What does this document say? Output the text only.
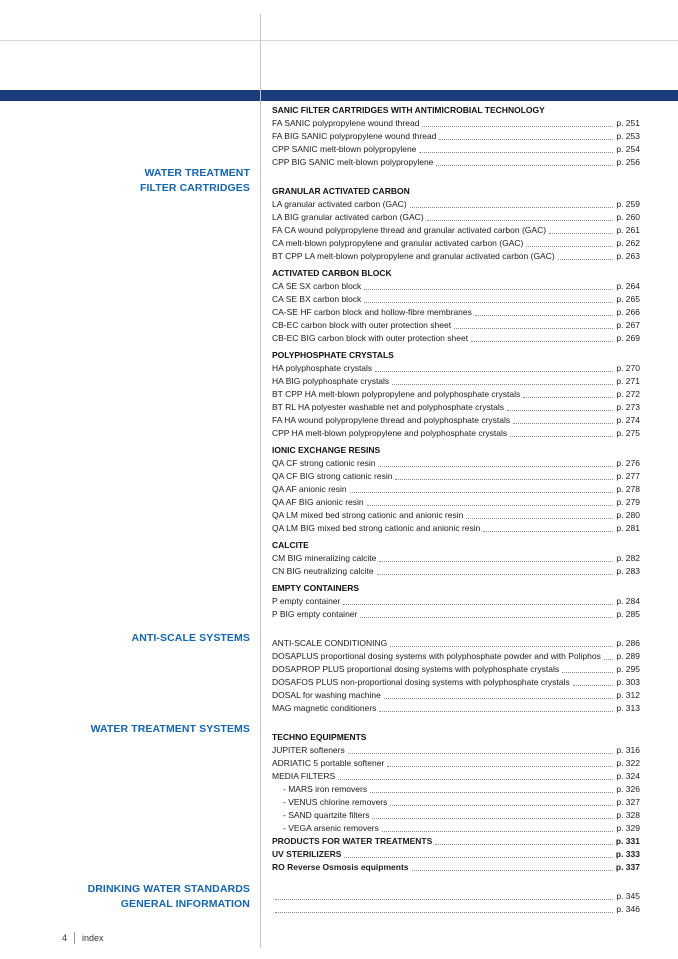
WATER TREATMENT
FILTER CARTRIDGES
ANTI-SCALE SYSTEMS
WATER TREATMENT SYSTEMS
DRINKING WATER STANDARDS
GENERAL INFORMATION
SANIC FILTER CARTRIDGES WITH ANTIMICROBIAL TECHNOLOGY
FA SANIC polypropylene wound thread	p. 251
FA BIG SANIC polypropylene wound thread	p. 253
CPP SANIC melt-blown polypropylene	p. 254
CPP BIG SANIC melt-blown polypropylene	p. 256
GRANULAR ACTIVATED CARBON
LA granular activated carbon (GAC)	p. 259
LA BIG granular activated carbon (GAC)	p. 260
FA CA wound polypropylene thread and granular activated carbon (GAC)	p. 261
CA melt-blown polypropylene and granular activated carbon (GAC)	p. 262
BT CPP LA melt-blown polypropylene and granular activated carbon (GAC)	p. 263
ACTIVATED CARBON BLOCK
CA SE SX carbon block	p. 264
CA SE BX carbon block	p. 265
CA-SE HF carbon block and hollow-fibre membranes	p. 266
CB-EC carbon block with outer protection sheet	p. 267
CB-EC BIG carbon block with outer protection sheet	p. 269
POLYPHOSPHATE CRYSTALS
HA polyphosphate crystals	p. 270
HA BIG polyphosphate crystals	p. 271
BT CPP HA melt-blown polypropylene and polyphosphate crystals	p. 272
BT RL HA polyester washable net and polyphosphate crystals	p. 273
FA HA wound polypropylene thread and polyphosphate crystals	p. 274
CPP HA melt-blown polypropylene and polyphosphate crystals	p. 275
IONIC EXCHANGE RESINS
QA CF strong cationic resin	p. 276
QA CF BIG strong cationic resin	p. 277
QA AF anionic resin	p. 278
QA AF BIG anionic resin	p. 279
QA LM mixed bed strong cationic and anionic resin	p. 280
QA LM BIG mixed bed strong cationic and anionic resin	p. 281
CALCITE
CM BIG mineralizing calcite	p. 282
CN BIG neutralizing calcite	p. 283
EMPTY CONTAINERS
P empty container	p. 284
P BIG empty container	p. 285
ANTI-SCALE CONDITIONING	p. 286
DOSAPLUS proportional dosing systems with polyphosphate powder and with Poliphos p. 289
DOSAPROP PLUS proportional dosing systems with polyphosphate crystals	p. 295
DOSAFOS PLUS non-proportional dosing systems with polyphosphate crystals	p. 303
DOSAL for washing machine	p. 312
MAG magnetic conditioners	p. 313
TECHNO EQUIPMENTS
JUPITER softeners	p. 316
ADRIATIC 5 portable softener	p. 322
MEDIA FILTERS	p. 324
- MARS iron removers	p. 326
- VENUS chlorine removers	p. 327
- SAND quartzite filters	p. 328
- VEGA arsenic removers	p. 329
PRODUCTS FOR WATER TREATMENTS	p. 331
UV STERILIZERS	p. 333
RO Reverse Osmosis equipments	p. 337
p. 345
p. 346
4 index
